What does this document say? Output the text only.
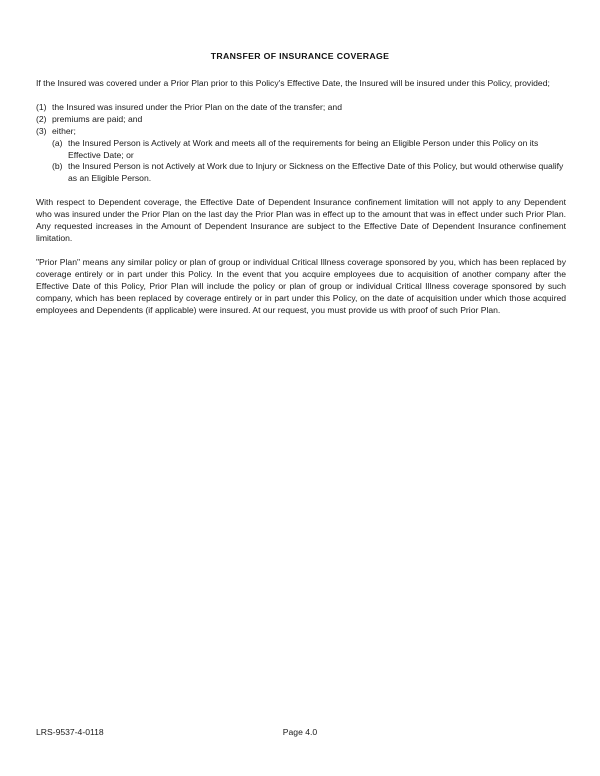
TRANSFER OF INSURANCE COVERAGE

If the Insured was covered under a Prior Plan prior to this Policy's Effective Date, the Insured will be insured under this Policy, provided;

(1) the Insured was insured under the Prior Plan on the date of the transfer; and
(2) premiums are paid; and
(3) either;
(a) the Insured Person is Actively at Work and meets all of the requirements for being an Eligible Person under this Policy on its Effective Date; or
(b) the Insured Person is not Actively at Work due to Injury or Sickness on the Effective Date of this Policy, but would otherwise qualify as an Eligible Person.

With respect to Dependent coverage, the Effective Date of Dependent Insurance confinement limitation will not apply to any Dependent who was insured under the Prior Plan on the last day the Prior Plan was in effect up to the amount that was in effect under such Prior Plan. Any requested increases in the Amount of Dependent Insurance are subject to the Effective Date of Dependent Insurance confinement limitation.

"Prior Plan" means any similar policy or plan of group or individual Critical Illness coverage sponsored by you, which has been replaced by coverage entirely or in part under this Policy. In the event that you acquire employees due to acquisition of another company after the Effective Date of this Policy, Prior Plan will include the policy or plan of group or individual Critical Illness coverage sponsored by such company, which has been replaced by coverage entirely or in part under this Policy, on the date of acquisition under which those acquired employees and Dependents (if applicable) were insured. At our request, you must provide us with proof of such Prior Plan.

LRS-9537-4-0118	Page 4.0
